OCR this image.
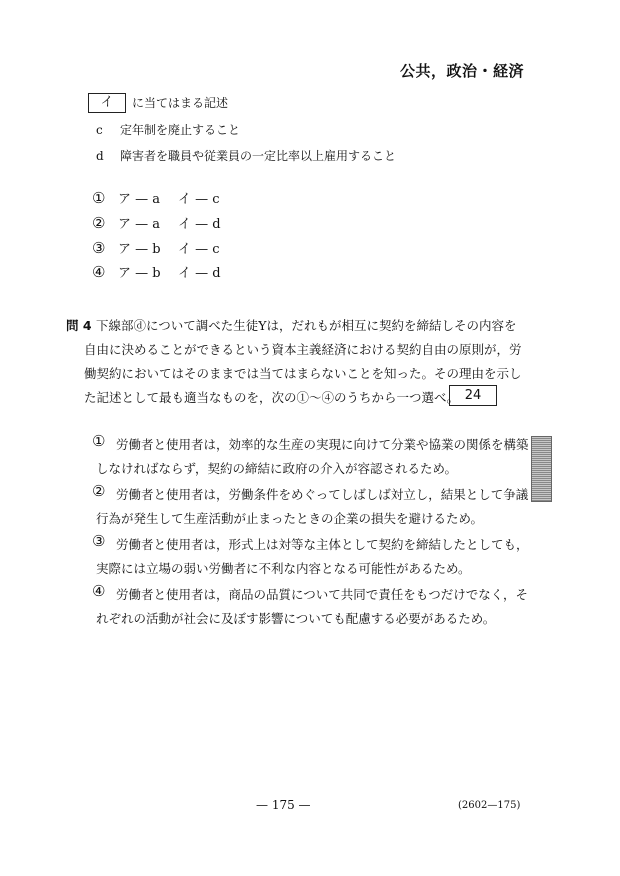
公共，政治・経済
イ	に当てはまる記述
c 定年制を廃止すること
d 障害者を職員や従業員の一定比率以上雇用すること
① ア — a イ — c
② ア — a イ — d
③ ア — b イ — c
④ ア — b イ — d
問 4 下線部ⓓについて調べた生徒Yは，だれもが相互に契約を締結しその内容を
自由に決めることができるという資本主義経済における契約自由の原則が，労
働契約においてはそのままでは当てはまらないことを知った。その理由を示し
た記述として最も適当なものを，次の①～④のうちから一つ選べ。 24
① 労働者と使用者は，効率的な生産の実現に向けて分業や協業の関係を構築
しなければならず，契約の締結に政府の介入が容認されるため。
② 労働者と使用者は，労働条件をめぐってしばしば対立し，結果として争議
行為が発生して生産活動が止まったときの企業の損失を避けるため。
③ 労働者と使用者は，形式上は対等な主体として契約を締結したとしても，
実際には立場の弱い労働者に不利な内容となる可能性があるため。
④ 労働者と使用者は，商品の品質について共同で責任をもつだけでなく，そ
れぞれの活動が社会に及ぼす影響についても配慮する必要があるため。
— 175 —	(2602—175)
